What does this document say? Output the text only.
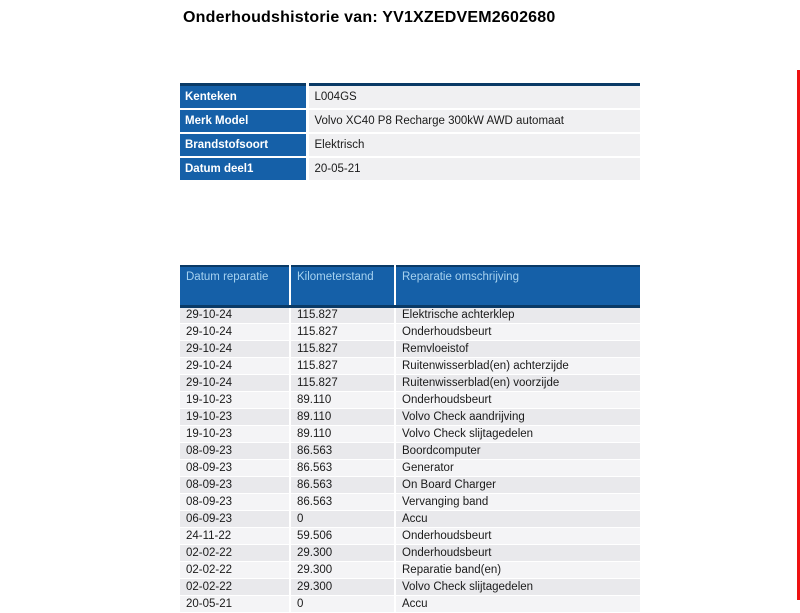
Onderhoudshistorie van: YV1XZEDVEM2602680
Kenteken	L004GS
Merk Model	Volvo XC40 P8 Recharge 300kW AWD automaat
Brandstofsoort	Elektrisch
Datum deel1	20-05-21
Datum reparatie	Kilometerstand	Reparatie omschrijving
29-10-24	115.827	Elektrische achterklep
29-10-24	115.827	Onderhoudsbeurt
29-10-24	115.827	Remvloeistof
29-10-24	115.827	Ruitenwisserblad(en) achterzijde
29-10-24	115.827	Ruitenwisserblad(en) voorzijde
19-10-23	89.110	Onderhoudsbeurt
19-10-23	89.110	Volvo Check aandrijving
19-10-23	89.110	Volvo Check slijtagedelen
08-09-23	86.563	Boordcomputer
08-09-23	86.563	Generator
08-09-23	86.563	On Board Charger
08-09-23	86.563	Vervanging band
06-09-23	0	Accu
24-11-22	59.506	Onderhoudsbeurt
02-02-22	29.300	Onderhoudsbeurt
02-02-22	29.300	Reparatie band(en)
02-02-22	29.300	Volvo Check slijtagedelen
20-05-21	0	Accu
